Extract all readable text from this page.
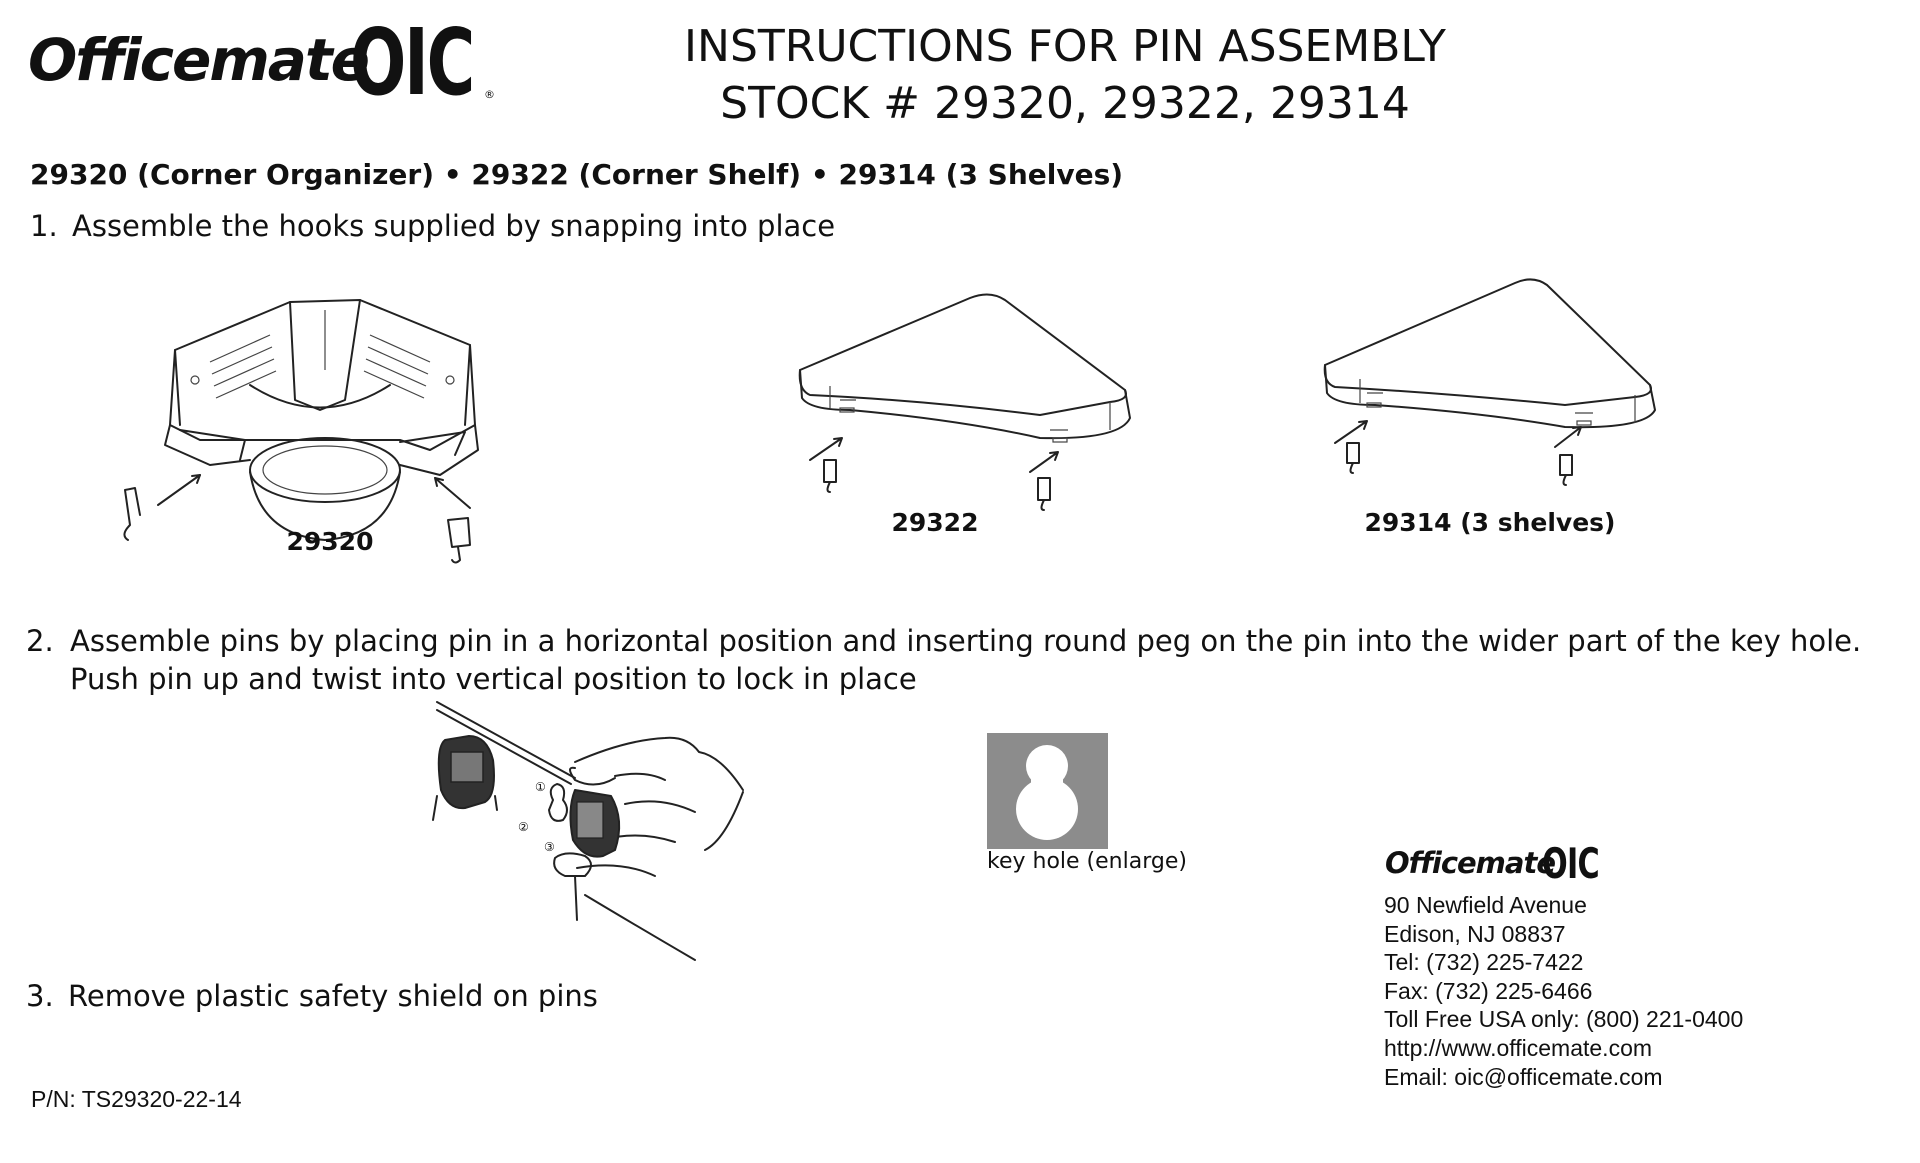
Officemate
OIC ®
INSTRUCTIONS FOR PIN ASSEMBLY
STOCK # 29320, 29322, 29314
29320 (Corner Organizer) • 29322 (Corner Shelf) • 29314 (3 Shelves)
1. Assemble the hooks supplied by snapping into place
29320
29322	29314 (3 shelves)
2. Assemble pins by placing pin in a horizontal position and inserting round peg on the pin into the wider part of the key hole.
Push pin up and twist into vertical position to lock in place
①
②
③
key hole (enlarge)
3. Remove plastic safety shield on pins
Officemate
OIC
90 Newfield Avenue
Edison, NJ 08837
Tel: (732) 225-7422
Fax: (732) 225-6466
Toll Free USA only: (800) 221-0400
http://www.officemate.com
Email: oic@officemate.com
P/N: TS29320-22-14
